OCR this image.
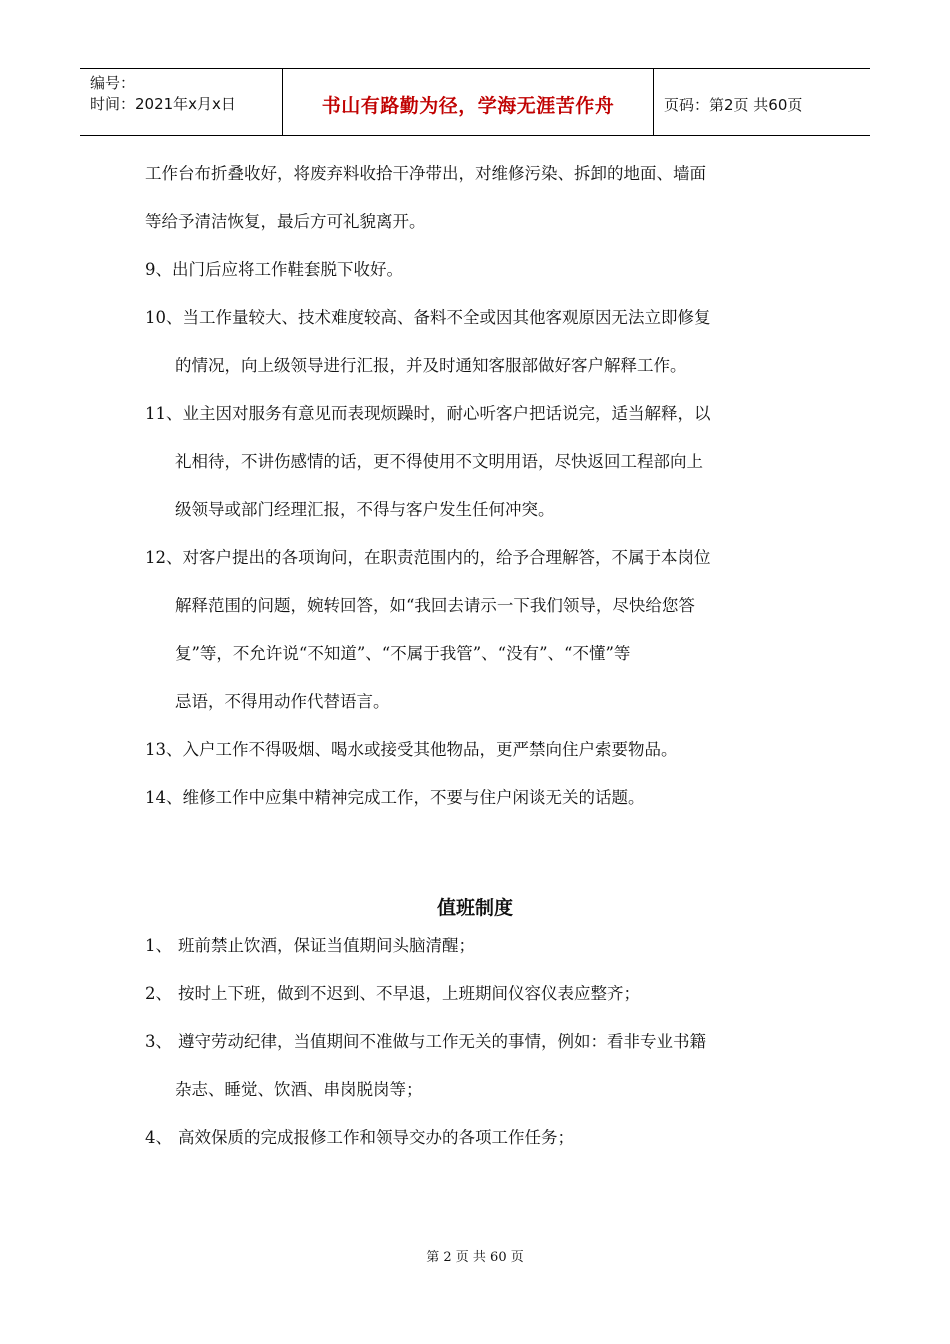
编号：
时间：2021年x月x日	书山有路勤为径，学海无涯苦作舟	页码：第2页 共60页
工作台布折叠收好，将废弃料收拾干净带出，对维修污染、拆卸的地面、墙面
等给予清洁恢复，最后方可礼貌离开。
9、出门后应将工作鞋套脱下收好。
10、当工作量较大、技术难度较高、备料不全或因其他客观原因无法立即修复
的情况，向上级领导进行汇报，并及时通知客服部做好客户解释工作。
11、业主因对服务有意见而表现烦躁时，耐心听客户把话说完，适当解释，以
礼相待，不讲伤感情的话，更不得使用不文明用语，尽快返回工程部向上
级领导或部门经理汇报，不得与客户发生任何冲突。
12、对客户提出的各项询问，在职责范围内的，给予合理解答，不属于本岗位
解释范围的问题，婉转回答，如“我回去请示一下我们领导，尽快给您答
复”等，不允许说“不知道”、“不属于我管”、“没有”、“不懂”等
忌语，不得用动作代替语言。
13、入户工作不得吸烟、喝水或接受其他物品，更严禁向住户索要物品。
14、维修工作中应集中精神完成工作，不要与住户闲谈无关的话题。
值班制度
1、 班前禁止饮酒，保证当值期间头脑清醒；
2、 按时上下班，做到不迟到、不早退，上班期间仪容仪表应整齐；
3、 遵守劳动纪律，当值期间不准做与工作无关的事情，例如：看非专业书籍
杂志、睡觉、饮酒、串岗脱岗等；
4、 高效保质的完成报修工作和领导交办的各项工作任务；
第 2 页 共 60 页
